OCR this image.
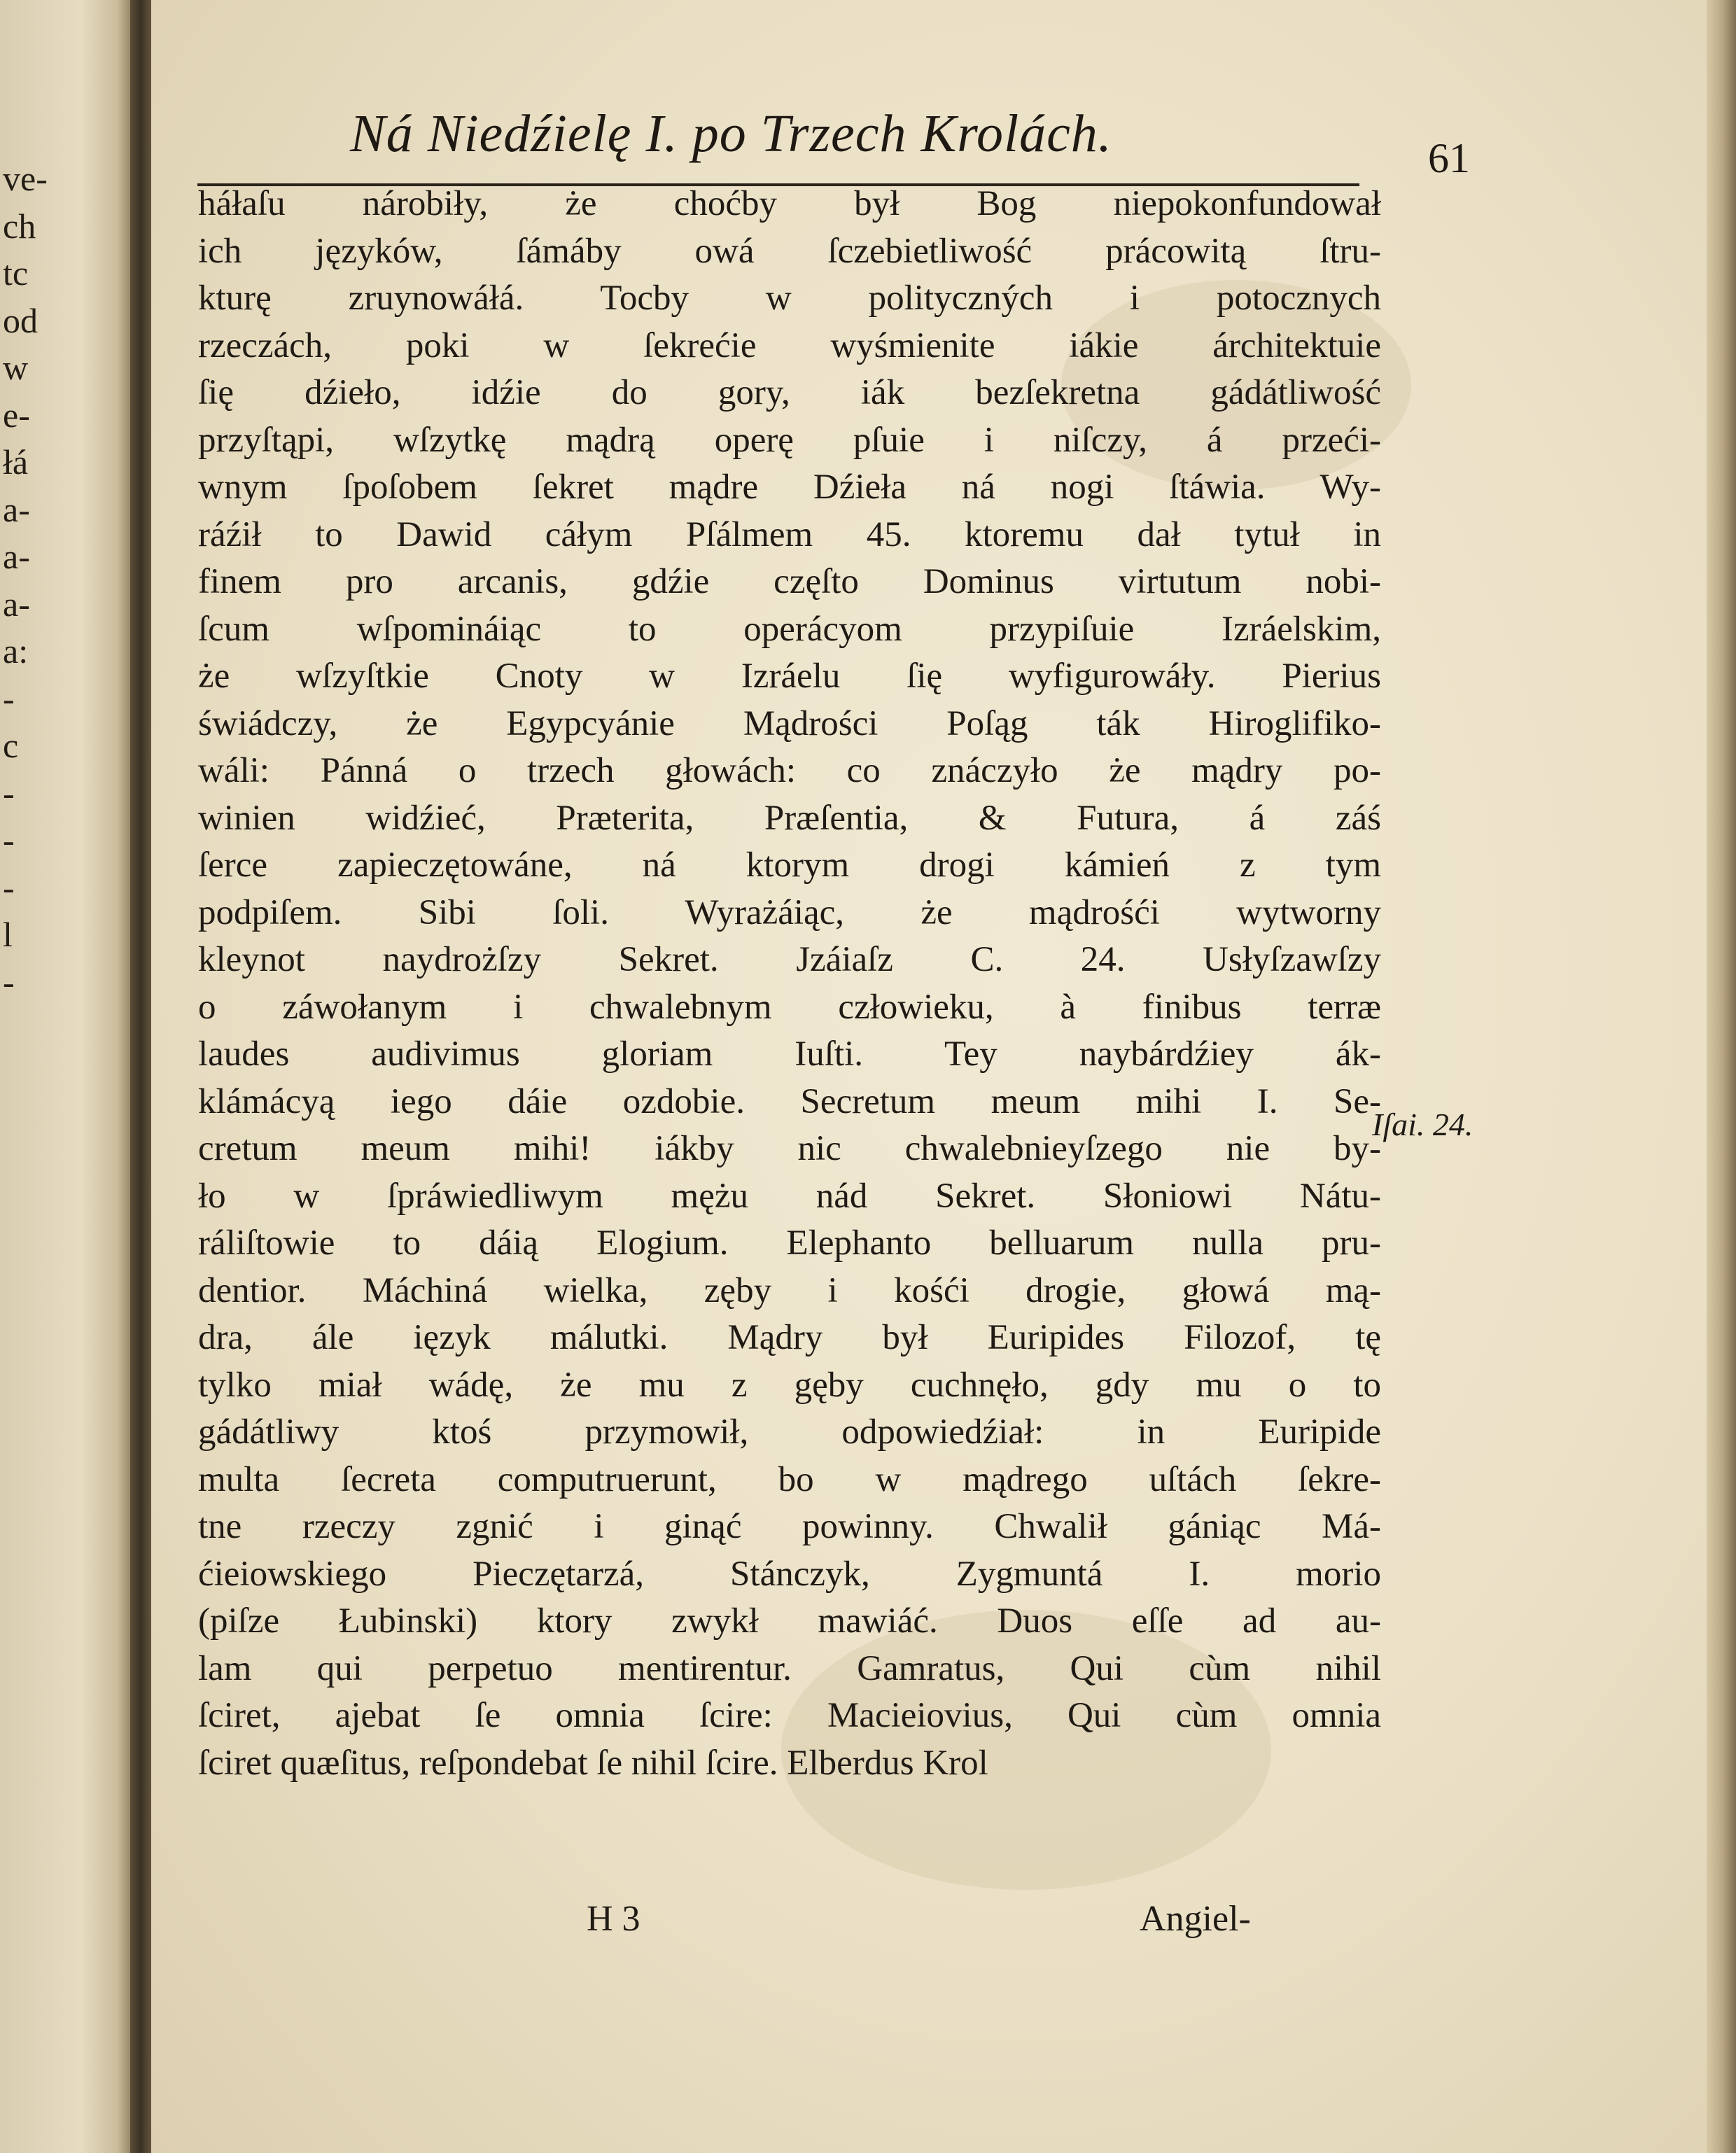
ve-
ch
tc
od
w
e-
łá
a-
a-
a-
a:
-
c
-
-
-
l
-
Ná Niedźielę I. po Trzech Krolách.	61
háłaſu nárobiły, że choćby był Bog niepokonfundował
ich języków, ſámáby owá ſczebietliwość prácowitą ſtru-
kturę zruynowáłá. Tocby w polityczných i potocznych
rzeczách, poki w ſekrećie wyśmienite iákie árchitektuie
ſię dźieło, idźie do gory, iák bezſekretna gádátliwość
przyſtąpi, wſzytkę mądrą operę pſuie i niſczy, á przeći-
wnym ſpoſobem ſekret mądre Dźieła ná nogi ſtáwia. Wy-
ráźił to Dawid cáłym Pſálmem 45. ktoremu dał tytuł in
finem pro arcanis, gdźie częſto Dominus virtutum nobi-
ſcum wſpomináiąc to operácyom przypiſuie Izráelskim,
że wſzyſtkie Cnoty w Izráelu ſię wyfigurowáły. Pierius
świádczy, że Egypcyánie Mądrości Poſąg ták Hiroglifiko-
wáli: Pánná o trzech głowách: co znáczyło że mądry po-
winien widźieć, Præterita, Præſentia, & Futura, á záś
ſerce zapieczętowáne, ná ktorym drogi kámień z tym
podpiſem. Sibi ſoli. Wyrażáiąc, że mądrośći wytworny
kleynot naydrożſzy Sekret. Jzáiaſz C. 24. Usłyſzawſzy
o záwołanym i chwalebnym człowieku, à finibus terræ
laudes audivimus gloriam Iuſti. Tey naybárdźiey ák-
klámácyą iego dáie ozdobie. Secretum meum mihi I. Se-
cretum meum mihi! iákby nic chwalebnieyſzego nie by-
ło w ſpráwiedliwym mężu nád Sekret. Słoniowi Nátu-
ráliſtowie to dáią Elogium. Elephanto belluarum nulla pru-
dentior. Máchiná wielka, zęby i kośći drogie, głowá mą-
dra, ále ięzyk málutki. Mądry był Euripides Filozof, tę
tylko miał wádę, że mu z gęby cuchnęło, gdy mu o to
gádátliwy ktoś przymowił, odpowiedźiał: in Euripide
multa ſecreta computruerunt, bo w mądrego uſtách ſekre-
tne rzeczy zgnić i ginąć powinny. Chwalił gániąc Má-
ćieiowskiego Pieczętarzá, Stánczyk, Zygmuntá I. morio
(piſze Łubinski) ktory zwykł mawiáć. Duos eſſe ad au-
lam qui perpetuo mentirentur. Gamratus, Qui cùm nihil
ſciret, ajebat ſe omnia ſcire: Macieiovius, Qui cùm omnia
ſciret quæſitus, reſpondebat ſe nihil ſcire. Elberdus Krol
Iſai. 24.
H 3	Angiel-
